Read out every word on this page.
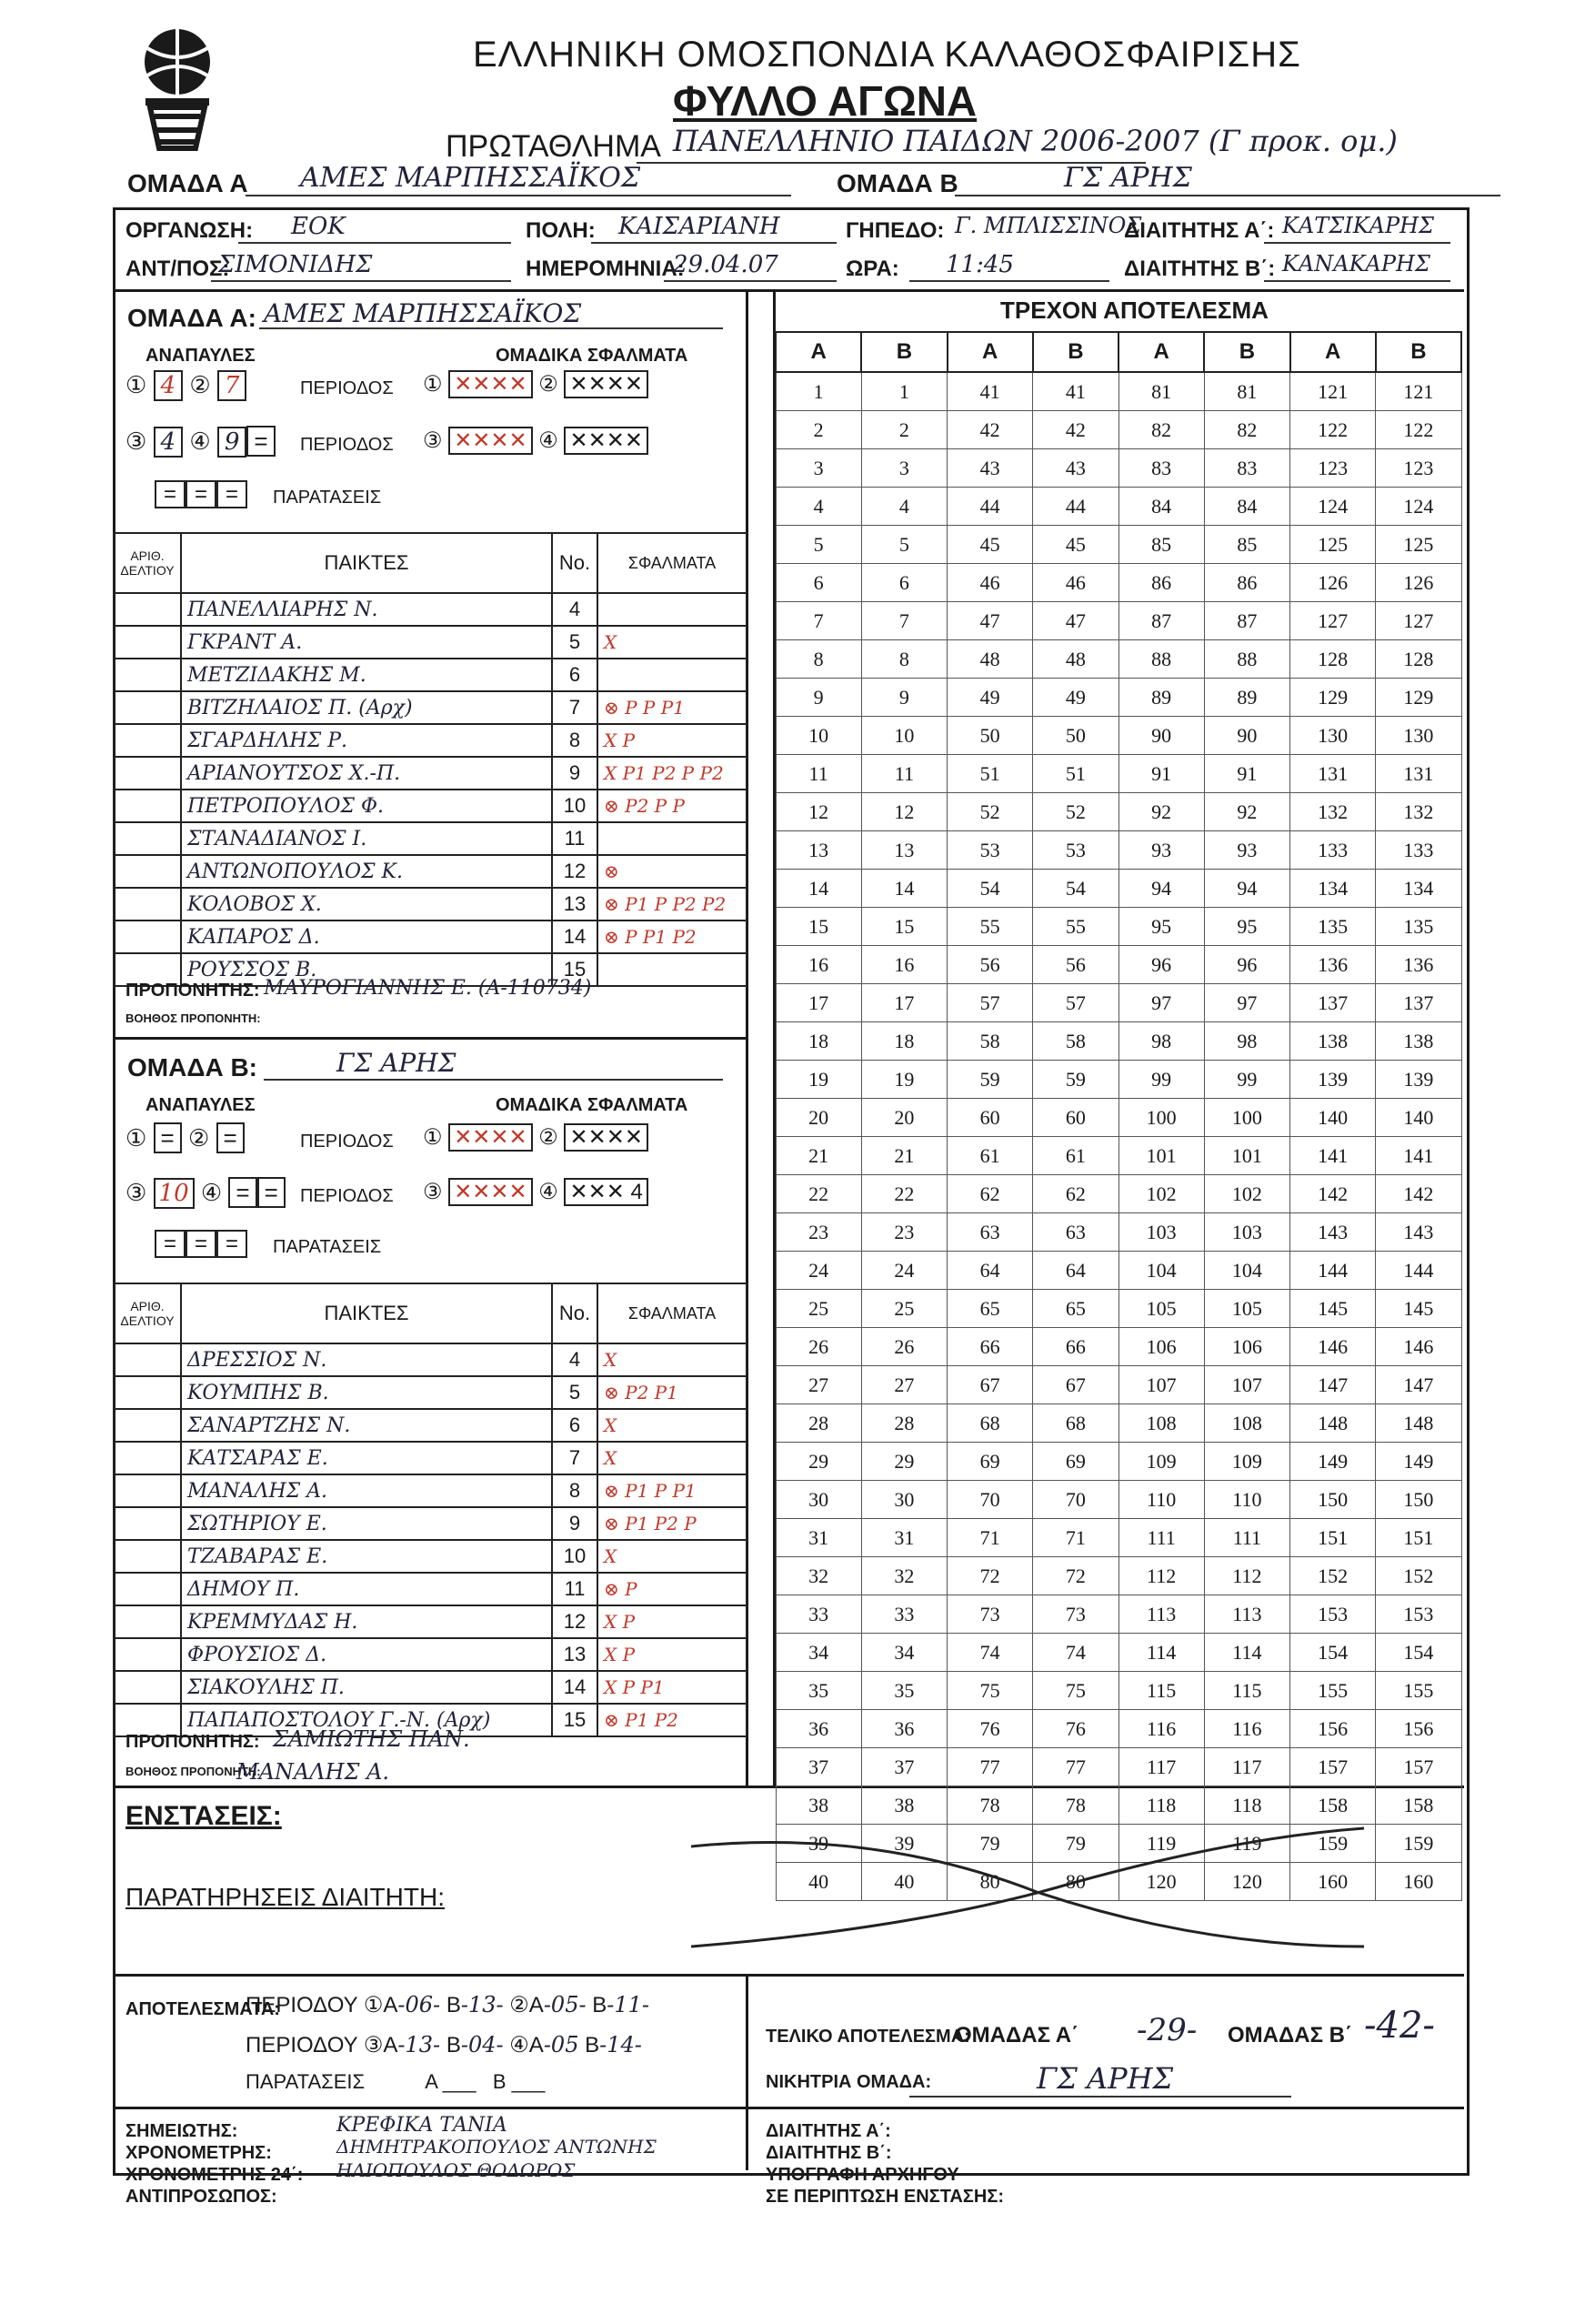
ΕΛΛΗΝΙΚΗ ΟΜΟΣΠΟΝΔΙΑ ΚΑΛΑΘΟΣΦΑΙΡΙΣΗΣ
ΦΥΛΛΟ ΑΓΩΝΑ
ΠΡΩΤΑΘΛΗΜΑ ΠΑΝΕΛΛΗΝΙΟ ΠΑΙΔΩΝ 2006-2007 (Γ προκ. ομ.)
ΟΜΑΔΑ Α ΑΜΕΣ ΜΑΡΠΗΣΣΑΪΚΟΣ	ΟΜΑΔΑ Β	ΓΣ ΑΡΗΣ
ΟΡΓΑΝΩΣΗ: ΕΟΚ	ΠΟΛΗ: ΚΑΙΣΑΡΙΑΝΗ	ΓΗΠΕΔΟ: Γ. ΜΠΛΙΣΣΙΝΟΣ
ΔΙΑΙΤΗΤΗΣ Α΄: ΚΑΤΣΙΚΑΡΗΣ
ΑΝΤ/ΠΟΣ:
ΣΙΜΟΝΙΔΗΣ	ΗΜΕΡΟΜΗΝΙΑ:
29.04.07	ΩΡΑ: 11:45	ΔΙΑΙΤΗΤΗΣ Β΄: ΚΑΝΑΚΑΡΗΣ
ΟΜΑΔΑ Α: ΑΜΕΣ ΜΑΡΠΗΣΣΑΪΚΟΣ
ΑΝΑΠΑΥΛΕΣ	ΟΜΑΔΙΚΑ ΣΦΑΛΜΑΤΑ
① 4 ② 7	ΠΕΡΙΟΔΟΣ ① ✕✕✕✕ ② ✕✕✕✕
③ 4 ④ 9 =	ΠΕΡΙΟΔΟΣ ③ ✕✕✕✕ ④ ✕✕✕✕
= = =	ΠΑΡΑΤΑΣΕΙΣ
ΑΡΙΘ. ΔΕΛΤΙΟΥ	ΠΑΙΚΤΕΣ	No.	ΣΦΑΛΜΑΤΑ
	ΠΑΝΕΛΛΙΑΡΗΣ Ν.	4	
	ΓΚΡΑΝΤ Α.	5	X
	ΜΕΤΖΙΔΑΚΗΣ Μ.	6	
	ΒΙΤΖΗΛΑΙΟΣ Π. (Αρχ)	7	⊗ P P P1
	ΣΓΑΡΔΗΛΗΣ Ρ.	8	X P
	ΑΡΙΑΝΟΥΤΣΟΣ Χ.-Π.	9	X P1 P2 P P2
	ΠΕΤΡΟΠΟΥΛΟΣ Φ.	10	⊗ P2 P P
	ΣΤΑΝΑΔΙΑΝΟΣ Ι.	11	
	ΑΝΤΩΝΟΠΟΥΛΟΣ Κ.	12	⊗
	ΚΟΛΟΒΟΣ Χ.	13	⊗ P1 P P2 P2
	ΚΑΠΑΡΟΣ Δ.	14	⊗ P P1 P2
	ΡΟΥΣΣΟΣ Β.	15	
ΠΡΟΠΟΝΗΤΗΣ: ΜΑΥΡΟΓΙΑΝΝΗΣ Ε. (Α-110734)
ΒΟΗΘΟΣ ΠΡΟΠΟΝΗΤΗ:
ΟΜΑΔΑ Β:	ΓΣ ΑΡΗΣ
ΑΝΑΠΑΥΛΕΣ	ΟΜΑΔΙΚΑ ΣΦΑΛΜΑΤΑ
① = ② =	ΠΕΡΙΟΔΟΣ ① ✕✕✕✕ ② ✕✕✕✕
③ 10 ④ = =	ΠΕΡΙΟΔΟΣ ③ ✕✕✕✕ ④ ✕✕✕ 4
= = =	ΠΑΡΑΤΑΣΕΙΣ
ΑΡΙΘ. ΔΕΛΤΙΟΥ	ΠΑΙΚΤΕΣ	No.	ΣΦΑΛΜΑΤΑ
	ΔΡΕΣΣΙΟΣ Ν.	4	X
	ΚΟΥΜΠΗΣ Β.	5	⊗ P2 P1
	ΣΑΝΑΡΤΖΗΣ Ν.	6	X
	ΚΑΤΣΑΡΑΣ Ε.	7	X
	ΜΑΝΑΛΗΣ Α.	8	⊗ P1 P P1
	ΣΩΤΗΡΙΟΥ Ε.	9	⊗ P1 P2 P
	ΤΖΑΒΑΡΑΣ Ε.	10	X
	ΔΗΜΟΥ Π.	11	⊗ P
	ΚΡΕΜΜΥΔΑΣ Η.	12	X P
	ΦΡΟΥΣΙΟΣ Δ.	13	X P
	ΣΙΑΚΟΥΛΗΣ Π.	14	X P P1
	ΠΑΠΑΠΟΣΤΟΛΟΥ Γ.-Ν. (Αρχ)	15	⊗ P1 P2
ΠΡΟΠΟΝΗΤΗΣ: ΣΑΜΙΩΤΗΣ ΠΑΝ.
ΒΟΗΘΟΣ ΠΡΟΠΟΝΗΤΗ:
ΜΑΝΑΛΗΣ Α.
ΤΡΕΧΟΝ ΑΠΟΤΕΛΕΣΜΑ
Α	Β	Α	Β	Α	Β	Α	Β
1	1	41	41	81	81	121	121
2	2	42	42	82	82	122	122
3	3	43	43	83	83	123	123
4	4	44	44	84	84	124	124
5	5	45	45	85	85	125	125
6	6	46	46	86	86	126	126
7	7	47	47	87	87	127	127
8	8	48	48	88	88	128	128
9	9	49	49	89	89	129	129
10	10	50	50	90	90	130	130
11	11	51	51	91	91	131	131
12	12	52	52	92	92	132	132
13	13	53	53	93	93	133	133
14	14	54	54	94	94	134	134
15	15	55	55	95	95	135	135
16	16	56	56	96	96	136	136
17	17	57	57	97	97	137	137
18	18	58	58	98	98	138	138
19	19	59	59	99	99	139	139
20	20	60	60	100	100	140	140
21	21	61	61	101	101	141	141
22	22	62	62	102	102	142	142
23	23	63	63	103	103	143	143
24	24	64	64	104	104	144	144
25	25	65	65	105	105	145	145
26	26	66	66	106	106	146	146
27	27	67	67	107	107	147	147
28	28	68	68	108	108	148	148
29	29	69	69	109	109	149	149
30	30	70	70	110	110	150	150
31	31	71	71	111	111	151	151
32	32	72	72	112	112	152	152
33	33	73	73	113	113	153	153
34	34	74	74	114	114	154	154
35	35	75	75	115	115	155	155
36	36	76	76	116	116	156	156
37	37	77	77	117	117	157	157
38	38	78	78	118	118	158	158
39	39	79	79	119	119	159	159
40	40	80	80	120	120	160	160
ΕΝΣΤΑΣΕΙΣ:
ΠΑΡΑΤΗΡΗΣΕΙΣ ΔΙΑΙΤΗΤΗ:
ΑΠΟΤΕΛΕΣΜΑΤΑ:
ΠΕΡΙΟΔΟΥ ①Α-06- Β-13- ②Α-05- Β-11-
ΠΕΡΙΟΔΟΥ ③Α-13- Β-04- ④Α-05 Β-14-
ΠΑΡΑΤΑΣΕΙΣ	Α ___   Β ___
ΤΕΛΙΚΟ ΑΠΟΤΕΛΕΣΜΑ:
ΟΜΑΔΑΣ Α΄ -29- ΟΜΑΔΑΣ Β΄ -42-
ΝΙΚΗΤΡΙΑ ΟΜΑΔΑ:	ΓΣ ΑΡΗΣ
ΣΗΜΕΙΩΤΗΣ:	ΚΡΕΦΙΚΑ ΤΑΝΙΑ
ΧΡΟΝΟΜΕΤΡΗΣ:	ΔΗΜΗΤΡΑΚΟΠΟΥΛΟΣ ΑΝΤΩΝΗΣ
ΧΡΟΝΟΜΕΤΡΗΣ 24΄: ΗΛΙΟΠΟΥΛΟΣ ΘΟΔΩΡΟΣ
ΑΝΤΙΠΡΟΣΩΠΟΣ:
ΔΙΑΙΤΗΤΗΣ Α΄:
ΔΙΑΙΤΗΤΗΣ Β΄:
ΥΠΟΓΡΑΦΗ ΑΡΧΗΓΟΥ
ΣΕ ΠΕΡΙΠΤΩΣΗ ΕΝΣΤΑΣΗΣ:
